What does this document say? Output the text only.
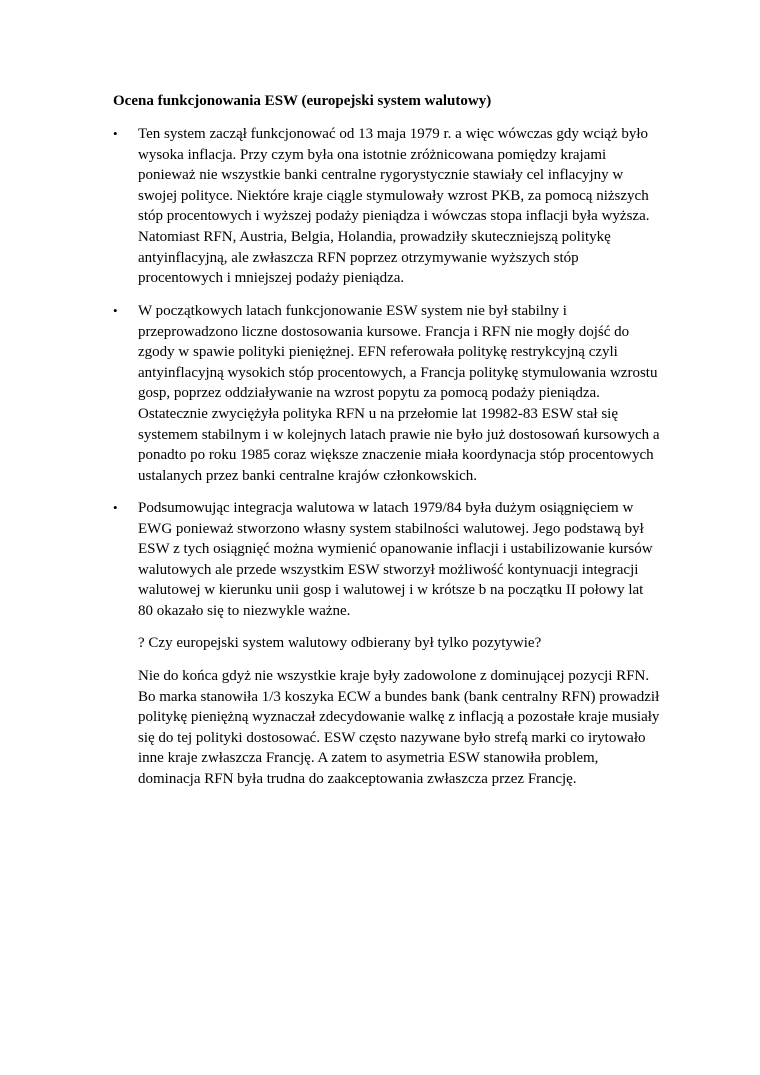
Ocena funkcjonowania ESW (europejski system walutowy)
• Ten system zaczął funkcjonować od 13 maja 1979 r. a więc wówczas gdy wciąż było
wysoka inflacja. Przy czym była ona istotnie zróżnicowana pomiędzy krajami
ponieważ nie wszystkie banki centralne rygorystycznie stawiały cel inflacyjny w
swojej polityce. Niektóre kraje ciągle stymulowały wzrost PKB, za pomocą niższych
stóp procentowych i wyższej podaży pieniądza i wówczas stopa inflacji była wyższa.
Natomiast RFN, Austria, Belgia, Holandia, prowadziły skuteczniejszą politykę
antyinflacyjną, ale zwłaszcza RFN poprzez otrzymywanie wyższych stóp
procentowych i mniejszej podaży pieniądza.
• W początkowych latach funkcjonowanie ESW system nie był stabilny i
przeprowadzono liczne dostosowania kursowe. Francja i RFN nie mogły dojść do
zgody w spawie polityki pieniężnej. EFN referowała politykę restrykcyjną czyli
antyinflacyjną wysokich stóp procentowych, a Francja politykę stymulowania wzrostu
gosp, poprzez oddziaływanie na wzrost popytu za pomocą podaży pieniądza.
Ostatecznie zwyciężyła polityka RFN u na przełomie lat 19982-83 ESW stał się
systemem stabilnym i w kolejnych latach prawie nie było już dostosowań kursowych a
ponadto po roku 1985 coraz większe znaczenie miała koordynacja stóp procentowych
ustalanych przez banki centralne krajów członkowskich.
• Podsumowując integracja walutowa w latach 1979/84 była dużym osiągnięciem w
EWG ponieważ stworzono własny system stabilności walutowej. Jego podstawą był
ESW z tych osiągnięć można wymienić opanowanie inflacji i ustabilizowanie kursów
walutowych ale przede wszystkim ESW stworzył możliwość kontynuacji integracji
walutowej w kierunku unii gosp i walutowej i w krótsze b na początku II połowy lat
80 okazało się to niezwykle ważne.
? Czy europejski system walutowy odbierany był tylko pozytywie?
Nie do końca gdyż nie wszystkie kraje były zadowolone z dominującej pozycji RFN.
Bo marka stanowiła 1/3 koszyka ECW a bundes bank (bank centralny RFN) prowadził
politykę pieniężną wyznaczał zdecydowanie walkę z inflacją a pozostałe kraje musiały
się do tej polityki dostosować. ESW często nazywane było strefą marki co irytowało
inne kraje zwłaszcza Francję. A zatem to asymetria ESW stanowiła problem,
dominacja RFN była trudna do zaakceptowania zwłaszcza przez Francję.
